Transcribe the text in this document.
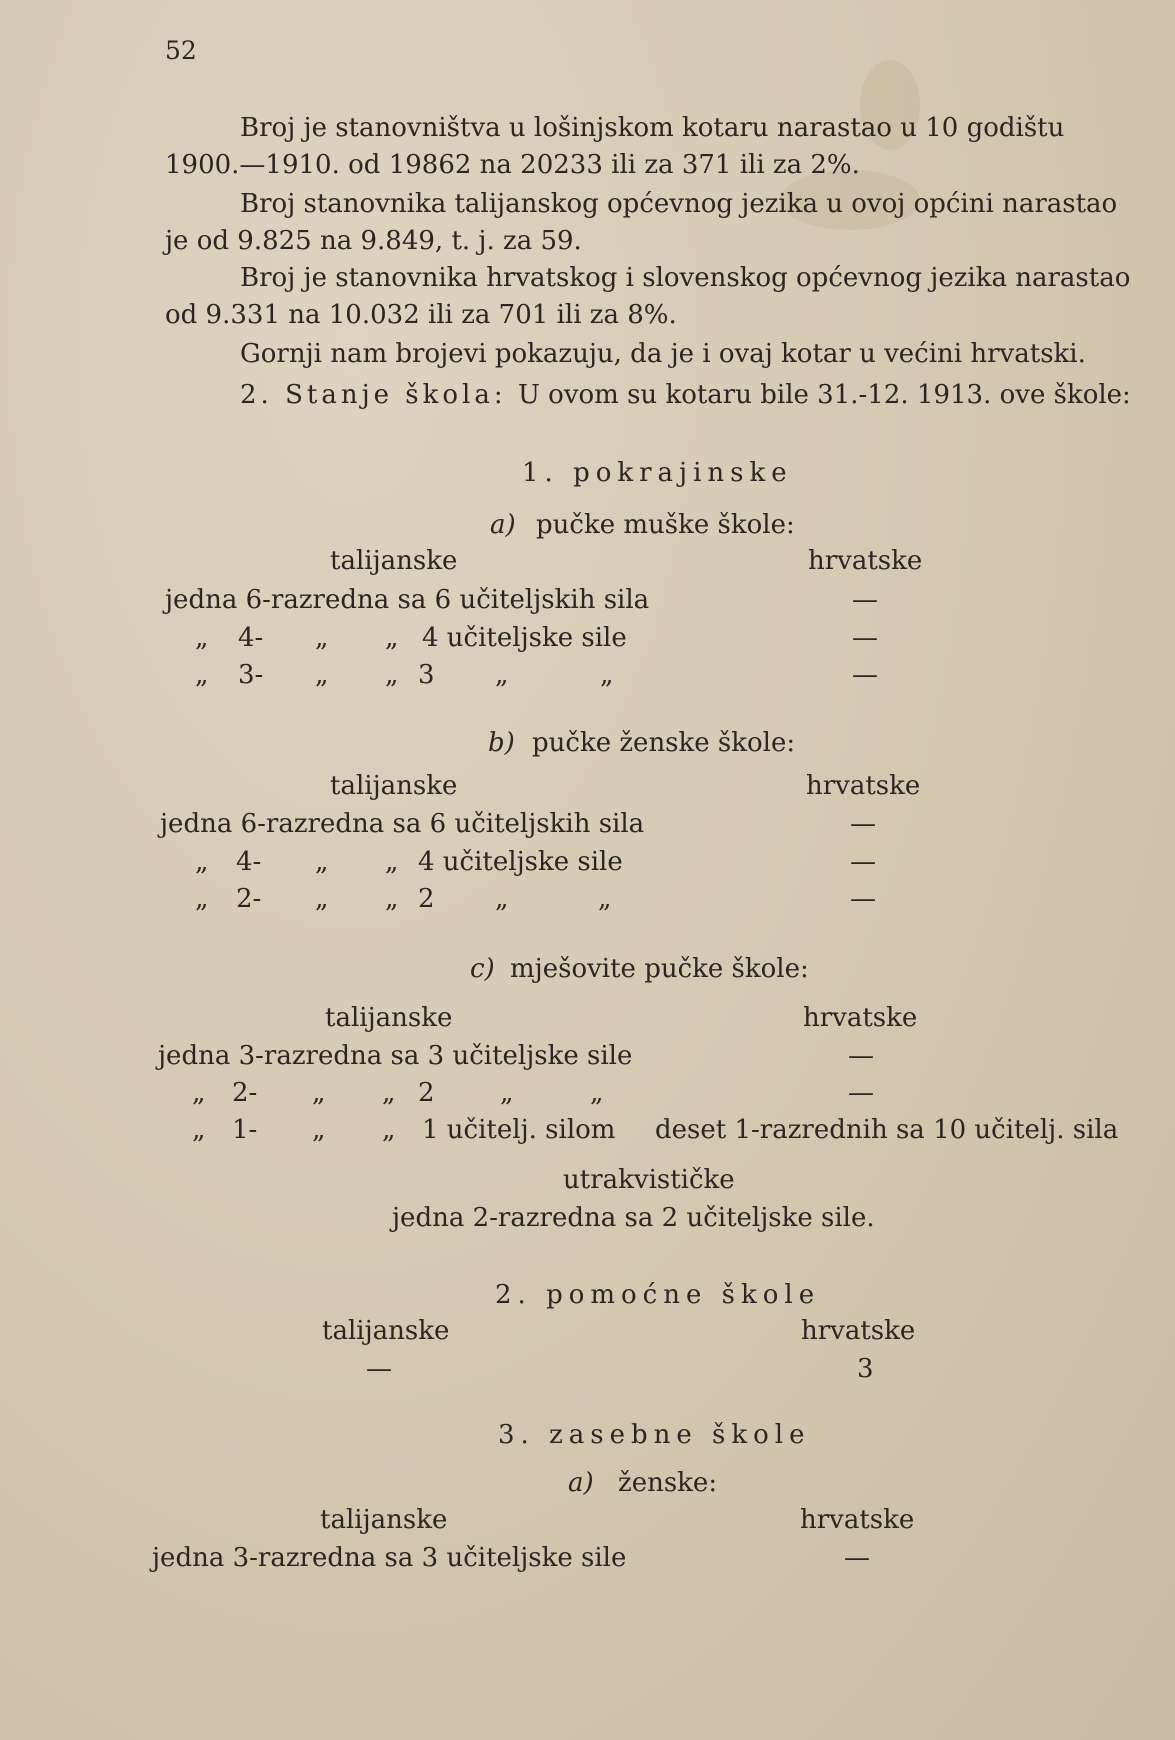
52
Broj je stanovništva u lošinjskom kotaru narastao u 10 godištu
1900.—1910. od 19862 na 20233 ili za 371 ili za 2%.
Broj stanovnika talijanskog općevnog jezika u ovoj općini narastao
je od 9.825 na 9.849, t. j. za 59.
Broj je stanovnika hrvatskog i slovenskog općevnog jezika narastao
od 9.331 na 10.032 ili za 701 ili za 8%.
Gornji nam brojevi pokazuju, da je i ovaj kotar u većini hrvatski.
2. Stanje škola: U ovom su kotaru bile 31.-12. 1913. ove škole:
1. pokrajinske
a) pučke muške škole:
talijanske	hrvatske
jedna 6-razredna sa 6 učiteljskih sila	—
„ 4- „ „ 4 učiteljske sile	—
„ 3- „ „ 3 „	„	—
b) pučke ženske škole:
talijanske	hrvatske
jedna 6-razredna sa 6 učiteljskih sila	—
„ 4- „ „ 4 učiteljske sile	—
„ 2- „ „ 2 „	„	—
c) mješovite pučke škole:
talijanske	hrvatske
jedna 3-razredna sa 3 učiteljske sile	—
„ 2- „ „ 2	„	„	—
„ 1- „ „ 1 učitelj. silom deset 1-razrednih sa 10 učitelj. sila
utrakvističke
jedna 2-razredna sa 2 učiteljske sile.
2. pomoćne škole
talijanske	hrvatske
—	3
3. zasebne škole
a) ženske:
talijanske	hrvatske
jedna 3-razredna sa 3 učiteljske sile	—
